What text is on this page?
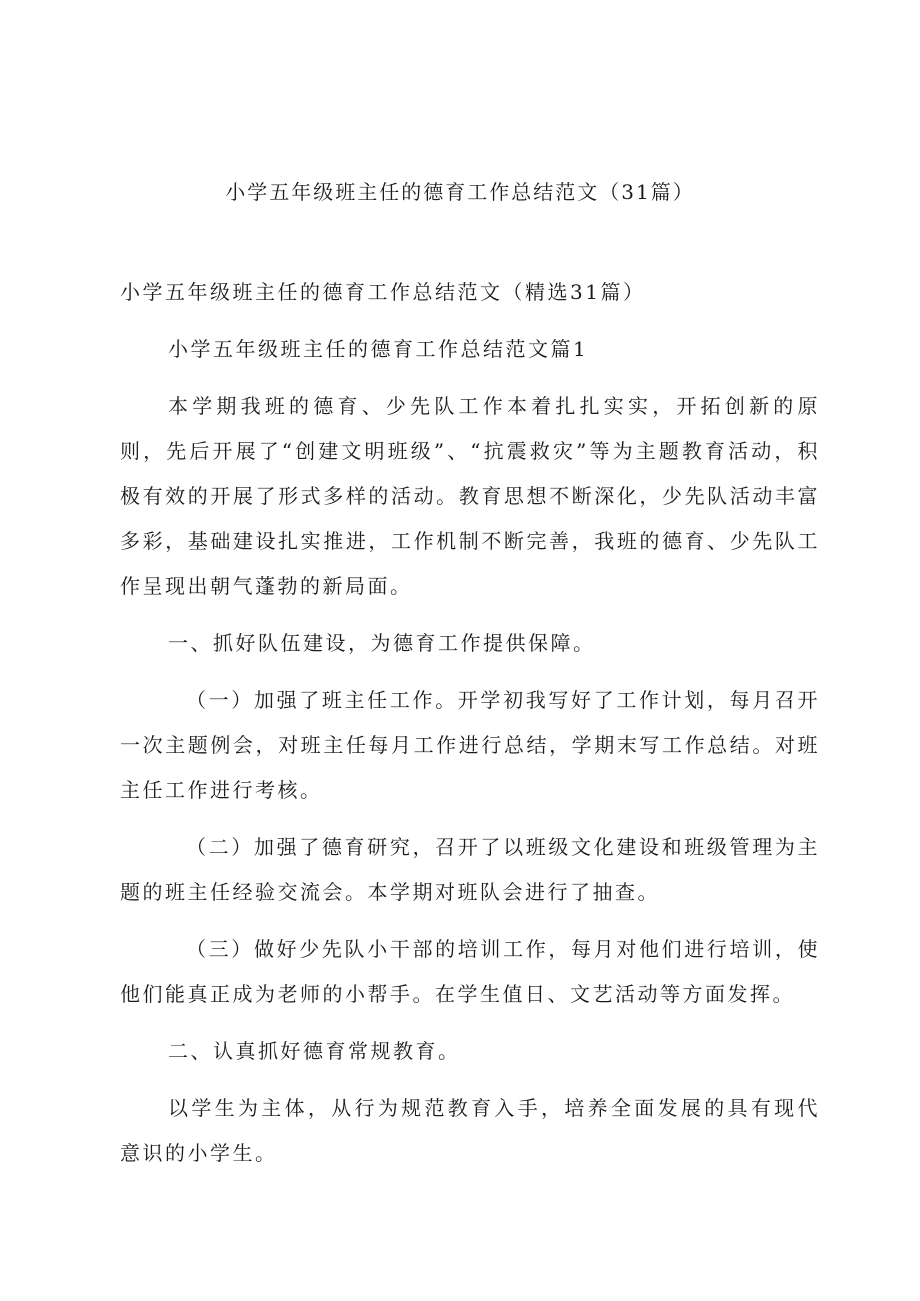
小学五年级班主任的德育工作总结范文（31篇）

小学五年级班主任的德育工作总结范文（精选31篇）

小学五年级班主任的德育工作总结范文篇1

本学期我班的德育、少先队工作本着扎扎实实，开拓创新的原则，先后开展了“创建文明班级”、“抗震救灾”等为主题教育活动，积极有效的开展了形式多样的活动。教育思想不断深化，少先队活动丰富多彩，基础建设扎实推进，工作机制不断完善，我班的德育、少先队工作呈现出朝气蓬勃的新局面。

一、抓好队伍建设，为德育工作提供保障。

（一）加强了班主任工作。开学初我写好了工作计划，每月召开一次主题例会，对班主任每月工作进行总结，学期末写工作总结。对班主任工作进行考核。

（二）加强了德育研究，召开了以班级文化建设和班级管理为主题的班主任经验交流会。本学期对班队会进行了抽查。

（三）做好少先队小干部的培训工作，每月对他们进行培训，使他们能真正成为老师的小帮手。在学生值日、文艺活动等方面发挥。

二、认真抓好德育常规教育。

以学生为主体，从行为规范教育入手，培养全面发展的具有现代意识的小学生。
